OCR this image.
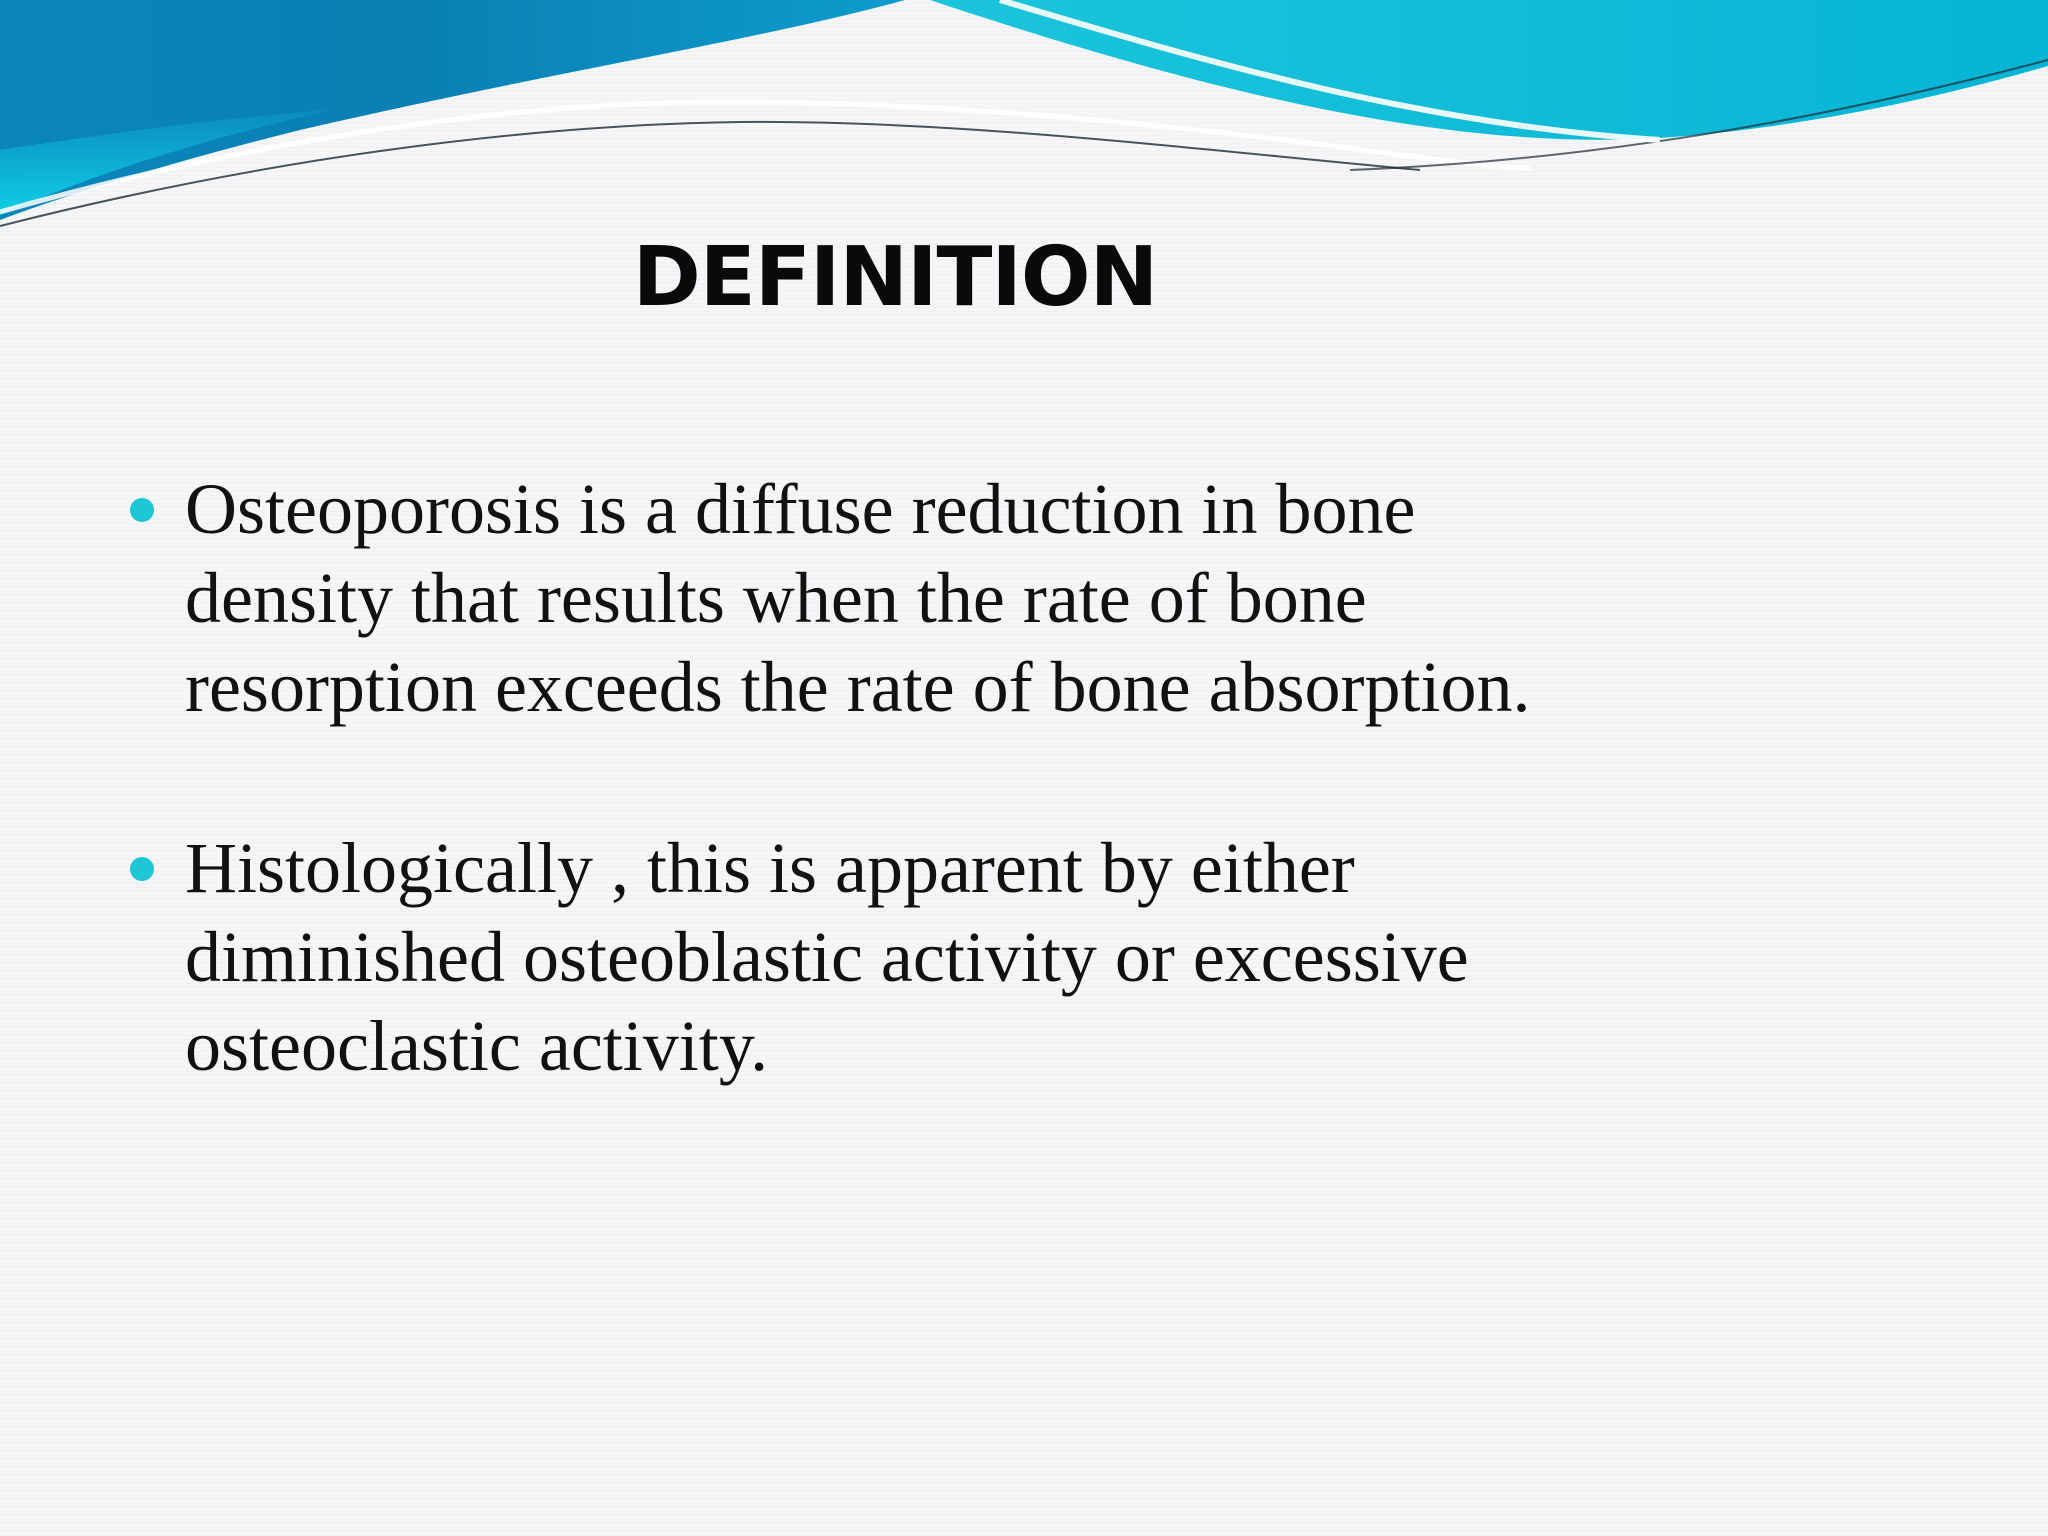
DEFINITION
Osteoporosis is a diffuse reduction in bone density that results when the rate of bone resorption exceeds the rate of bone absorption.
Histologically , this is apparent by either diminished osteoblastic activity or excessive osteoclastic activity.
